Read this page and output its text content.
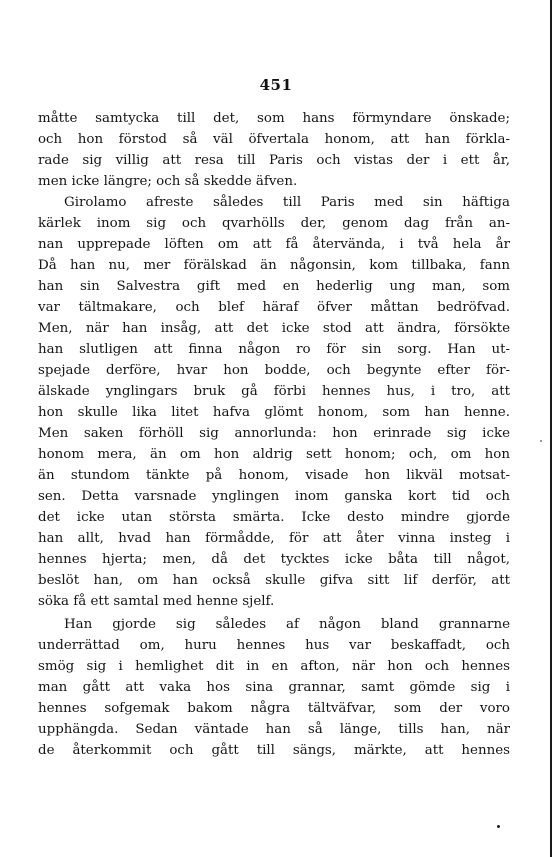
451
måtte samtycka till det, som hans förmyndare önskade;
och hon förstod så väl öfvertala honom, att han förkla-
rade sig villig att resa till Paris och vistas der i ett år,
men icke längre; och så skedde äfven.
Girolamo afreste således till Paris med sin häftiga
kärlek inom sig och qvarhölls der, genom dag från an-
nan upprepade löften om att få återvända, i två hela år
Då han nu, mer förälskad än någonsin, kom tillbaka, fann
han sin Salvestra gift med en hederlig ung man, som
var tältmakare, och blef häraf öfver måttan bedröfvad.
Men, när han insåg, att det icke stod att ändra, försökte
han slutligen att finna någon ro för sin sorg. Han ut-
spejade derföre, hvar hon bodde, och begynte efter för-
älskade ynglingars bruk gå förbi hennes hus, i tro, att
hon skulle lika litet hafva glömt honom, som han henne.
Men saken förhöll sig annorlunda: hon erinrade sig icke
honom mera, än om hon aldrig sett honom; och, om hon
än stundom tänkte på honom, visade hon likväl motsat-
sen. Detta varsnade ynglingen inom ganska kort tid och
det icke utan största smärta. Icke desto mindre gjorde
han allt, hvad han förmådde, för att åter vinna insteg i
hennes hjerta; men, då det tycktes icke båta till något,
beslöt han, om han också skulle gifva sitt lif derför, att
söka få ett samtal med henne sjelf.
Han gjorde sig således af någon bland grannarne
underrättad om, huru hennes hus var beskaffadt, och
smög sig i hemlighet dit in en afton, när hon och hennes
man gått att vaka hos sina grannar, samt gömde sig i
hennes sofgemak bakom några tältväfvar, som der voro
upphängda. Sedan väntade han så länge, tills han, när
de återkommit och gått till sängs, märkte, att hennes
